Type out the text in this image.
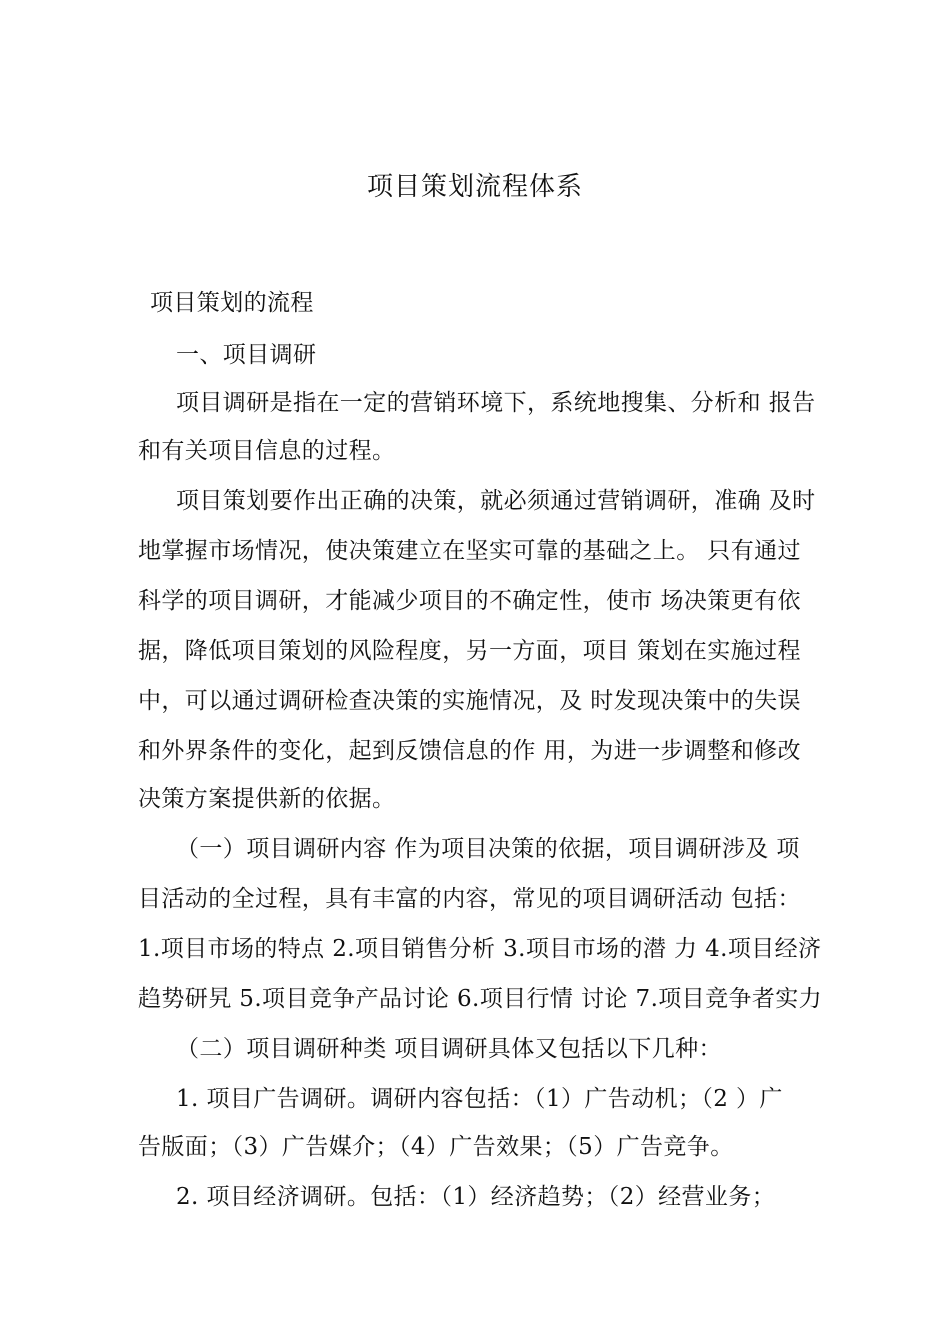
项目策划流程体系
项目策划的流程
一、项目调研
项目调研是指在一定的营销环境下，系统地搜集、分析和 报告
和有关项目信息的过程。
项目策划要作出正确的决策，就必须通过营销调研，准确 及时
地掌握市场情况，使决策建立在坚实可靠的基础之上。 只有通过
科学的项目调研，才能减少项目的不确定性，使市 场决策更有依
据，降低项目策划的风险程度，另一方面，项目 策划在实施过程
中，可以通过调研检查决策的实施情况，及 时发现决策中的失误
和外界条件的变化，起到反馈信息的作 用，为进一步调整和修改
决策方案提供新的依据。
（一）项目调研内容 作为项目决策的依据，项目调研涉及 项
目活动的全过程，具有丰富的内容，常见的项目调研活动 包括：
1.项目市场的特点 2.项目销售分析 3.项目市场的潜 力 4.项目经济
趋势研旯 5.项目竞争产品讨论 6.项目行情 讨论 7.项目竞争者实力
（二）项目调研种类 项目调研具体又包括以下几种：
1. 项目广告调研。调研内容包括：（1）广告动机；（2 ）广
告版面；（3）广告媒介；（4）广告效果；（5）广告竞争。
2. 项目经济调研。包括：（1）经济趋势；（2）经营业务；
